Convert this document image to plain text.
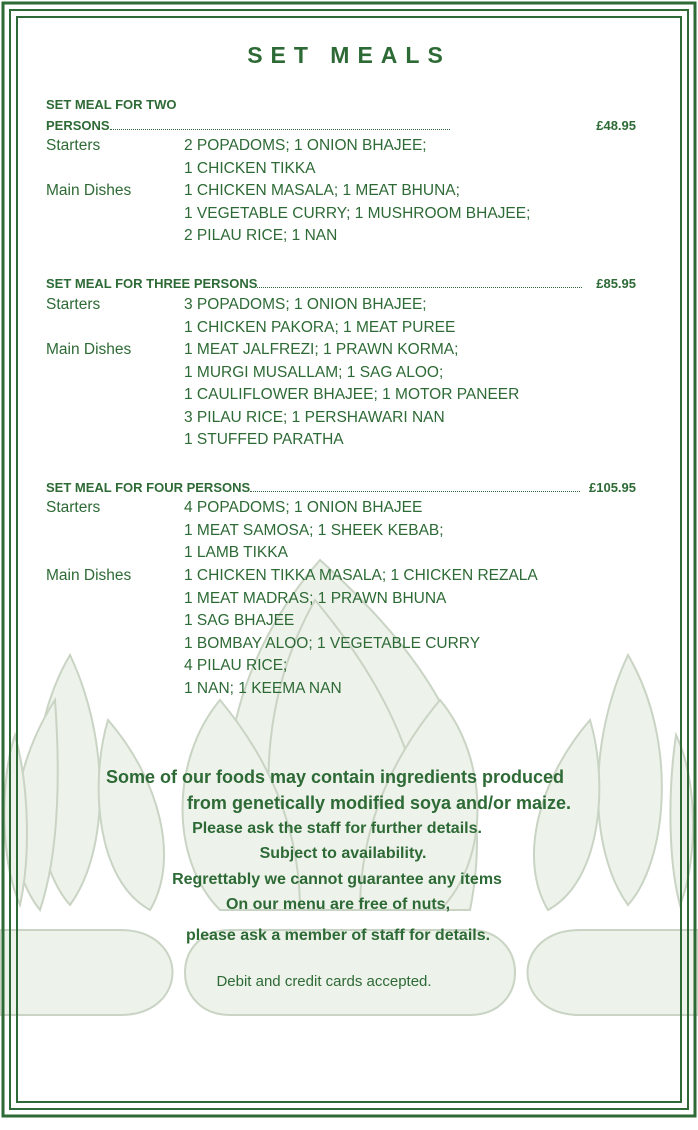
SET MEALS
SET MEAL FOR TWO
PERSONS	£48.95
Starters	2 POPADOMS; 1 ONION BHAJEE;
1 CHICKEN TIKKA
Main Dishes	1 CHICKEN MASALA; 1 MEAT BHUNA;
1 VEGETABLE CURRY; 1 MUSHROOM BHAJEE;
2 PILAU RICE; 1 NAN
SET MEAL FOR THREE PERSONS	£85.95
Starters	3 POPADOMS; 1 ONION BHAJEE;
1 CHICKEN PAKORA; 1 MEAT PUREE
Main Dishes	1 MEAT JALFREZI; 1 PRAWN KORMA;
1 MURGI MUSALLAM; 1 SAG ALOO;
1 CAULIFLOWER BHAJEE; 1 MOTOR PANEER
3 PILAU RICE; 1 PERSHAWARI NAN
1 STUFFED PARATHA
SET MEAL FOR FOUR PERSONS	£105.95
Starters	4 POPADOMS; 1 ONION BHAJEE
1 MEAT SAMOSA; 1 SHEEK KEBAB;
1 LAMB TIKKA
Main Dishes	1 CHICKEN TIKKA MASALA; 1 CHICKEN REZALA
1 MEAT MADRAS; 1 PRAWN BHUNA
1 SAG BHAJEE
1 BOMBAY ALOO; 1 VEGETABLE CURRY
4 PILAU RICE;
1 NAN; 1 KEEMA NAN
Some of our foods may contain ingredients produced
from genetically modified soya and/or maize.
Please ask the staff for further details.
Subject to availability.
Regrettably we cannot guarantee any items
On our menu are free of nuts,
please ask a member of staff for details.
Debit and credit cards accepted.
